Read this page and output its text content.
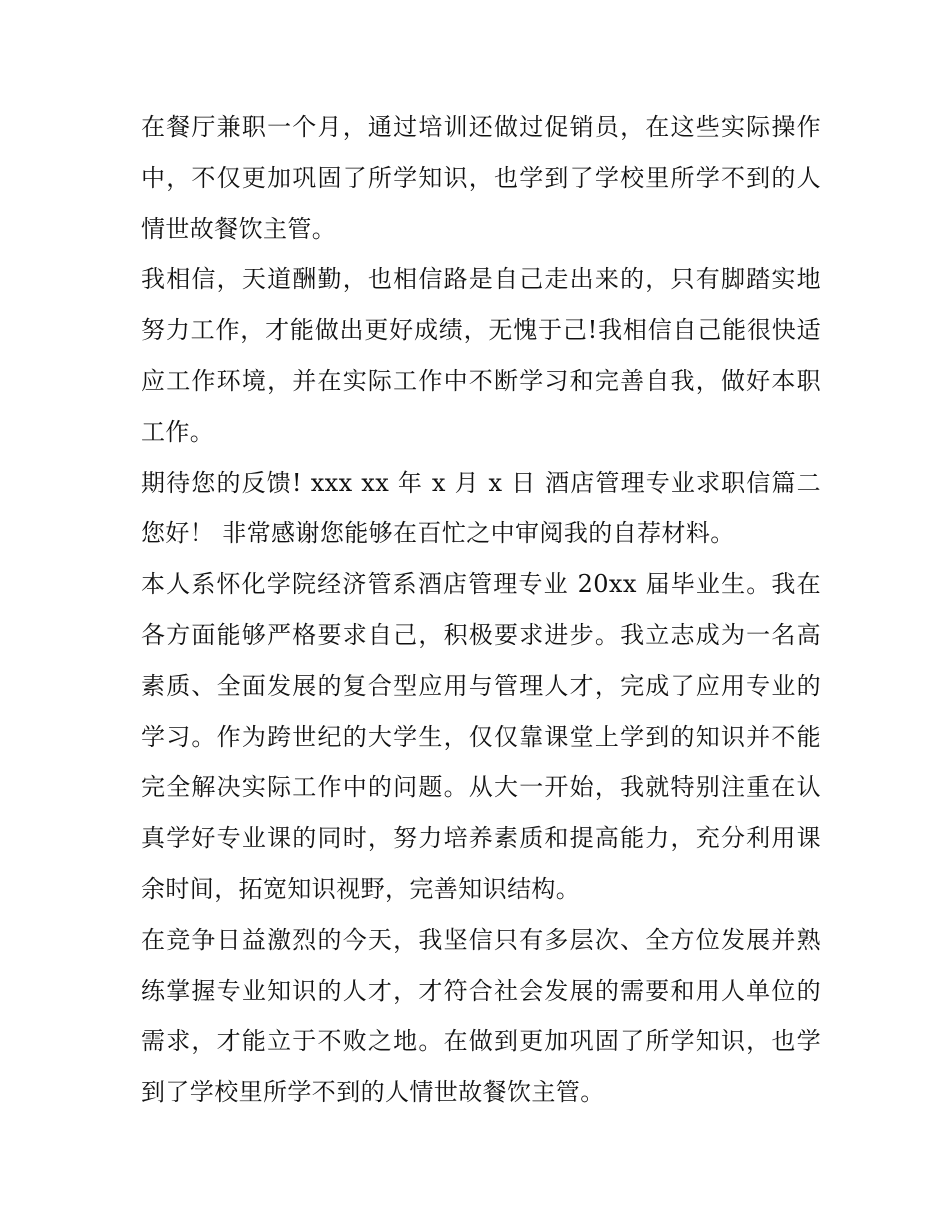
在餐厅兼职一个月，通过培训还做过促销员，在这些实际操作中，不仅更加巩固了所学知识，也学到了学校里所学不到的人情世故餐饮主管。

我相信，天道酬勤，也相信路是自己走出来的，只有脚踏实地努力工作，才能做出更好成绩，无愧于己!我相信自己能很快适应工作环境，并在实际工作中不断学习和完善自我，做好本职工作。

期待您的反馈! xxx xx 年 x 月 x 日 酒店管理专业求职信篇二 您好！ 非常感谢您能够在百忙之中审阅我的自荐材料。

本人系怀化学院经济管系酒店管理专业 20xx 届毕业生。我在各方面能够严格要求自己，积极要求进步。我立志成为一名高素质、全面发展的复合型应用与管理人才，完成了应用专业的学习。作为跨世纪的大学生，仅仅靠课堂上学到的知识并不能完全解决实际工作中的问题。从大一开始，我就特别注重在认真学好专业课的同时，努力培养素质和提高能力，充分利用课余时间，拓宽知识视野，完善知识结构。

在竞争日益激烈的今天，我坚信只有多层次、全方位发展并熟练掌握专业知识的人才，才符合社会发展的需要和用人单位的需求，才能立于不败之地。在做到更加巩固了所学知识，也学到了学校里所学不到的人情世故餐饮主管。
